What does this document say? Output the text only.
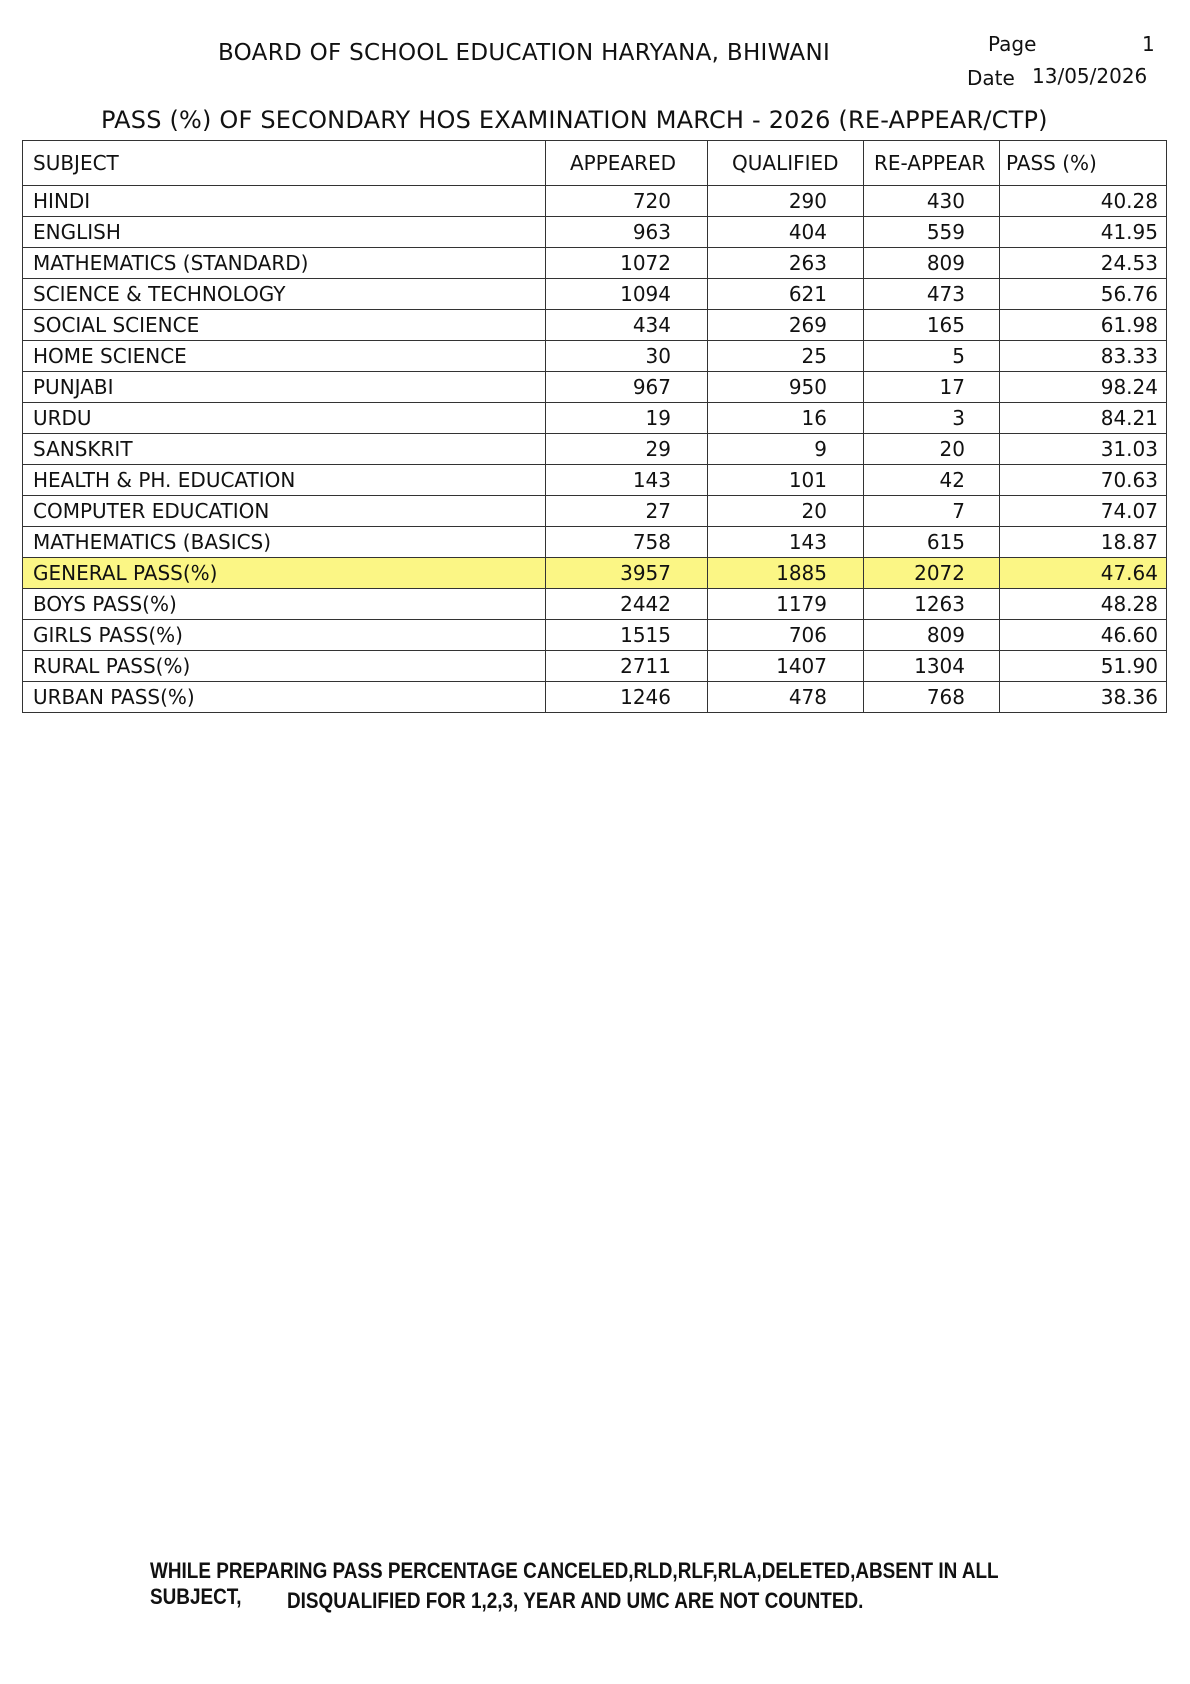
BOARD OF SCHOOL EDUCATION HARYANA, BHIWANI	Page	1
Date 13/05/2026
PASS (%) OF SECONDARY HOS EXAMINATION MARCH - 2026 (RE-APPEAR/CTP)
SUBJECT	APPEARED	QUALIFIED	RE-APPEAR	PASS (%)
HINDI	720	290	430	40.28
ENGLISH	963	404	559	41.95
MATHEMATICS (STANDARD)	1072	263	809	24.53
SCIENCE & TECHNOLOGY	1094	621	473	56.76
SOCIAL SCIENCE	434	269	165	61.98
HOME SCIENCE	30	25	5	83.33
PUNJABI	967	950	17	98.24
URDU	19	16	3	84.21
SANSKRIT	29	9	20	31.03
HEALTH & PH. EDUCATION	143	101	42	70.63
COMPUTER EDUCATION	27	20	7	74.07
MATHEMATICS (BASICS)	758	143	615	18.87
GENERAL PASS(%)	3957	1885	2072	47.64
BOYS PASS(%)	2442	1179	1263	48.28
GIRLS PASS(%)	1515	706	809	46.60
RURAL PASS(%)	2711	1407	1304	51.90
URBAN PASS(%)	1246	478	768	38.36
WHILE PREPARING PASS PERCENTAGE CANCELED,RLD,RLF,RLA,DELETED,ABSENT IN ALL SUBJECT,	DISQUALIFIED FOR 1,2,3, YEAR AND UMC ARE NOT COUNTED.
